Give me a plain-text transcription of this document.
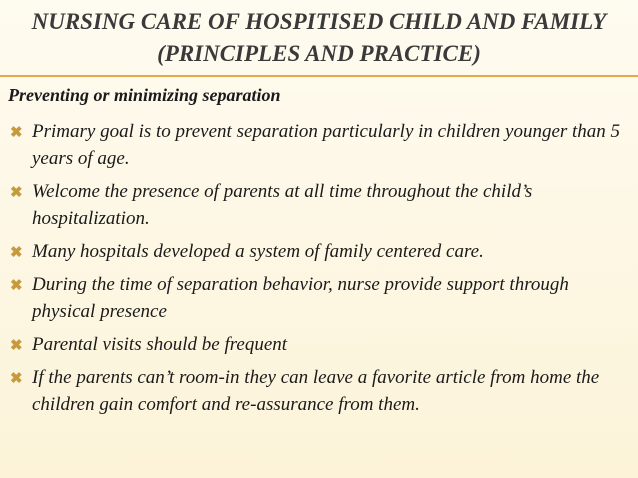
NURSING CARE OF HOSPITISED CHILD AND FAMILY (PRINCIPLES AND PRACTICE)

Preventing or minimizing separation

✖ Primary goal is to prevent separation particularly in children younger than 5 years of age.
✖ Welcome the presence of parents at all time throughout the child’s hospitalization.
✖ Many hospitals developed a system of family centered care.
✖ During the time of separation behavior, nurse provide support through physical presence
✖ Parental visits should be frequent
✖ If the parents can’t room-in they can leave a favorite article from home the children gain comfort and re-assurance from them.
